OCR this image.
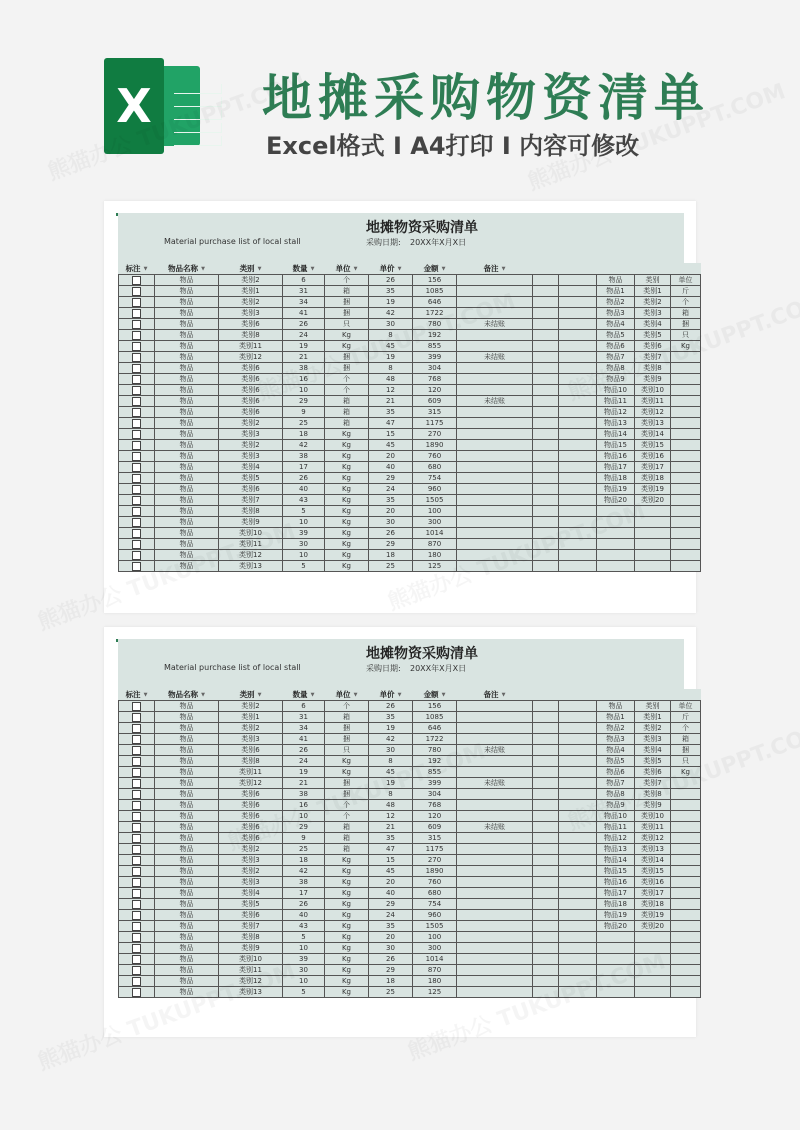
X 地摊采购物资清单
Excel格式 I A4打印 I 内容可修改
地摊物资采购清单
Material purchase list of local stall	采购日期: 20XX年X月X日
标注 ▼	物品名称 ▼	类别 ▼	数量 ▼	单位 ▼	单价 ▼	金额 ▼	备注 ▼						
	物品	类别2	6	个	26	156				物品	类别	单位	
	物品	类别1	31	箱	35	1085				物品1	类别1	斤	
	物品	类别2	34	捆	19	646				物品2	类别2	个	
	物品	类别3	41	捆	42	1722				物品3	类别3	箱	
	物品	类别6	26	只	30	780	未结账			物品4	类别4	捆	
	物品	类别8	24	Kg	8	192				物品5	类别5	只	
	物品	类别11	19	Kg	45	855				物品6	类别6	Kg	
	物品	类别12	21	捆	19	399	未结账			物品7	类别7		
	物品	类别6	38	捆	8	304				物品8	类别8		
	物品	类别6	16	个	48	768				物品9	类别9		
	物品	类别6	10	个	12	120				物品10	类别10		
	物品	类别6	29	箱	21	609	未结账			物品11	类别11		
	物品	类别6	9	箱	35	315				物品12	类别12		
	物品	类别2	25	箱	47	1175				物品13	类别13		
	物品	类别3	18	Kg	15	270				物品14	类别14		
	物品	类别2	42	Kg	45	1890				物品15	类别15		
	物品	类别3	38	Kg	20	760				物品16	类别16		
	物品	类别4	17	Kg	40	680				物品17	类别17		
	物品	类别5	26	Kg	29	754				物品18	类别18		
	物品	类别6	40	Kg	24	960				物品19	类别19		
	物品	类别7	43	Kg	35	1505				物品20	类别20		
	物品	类别8	5	Kg	20	100							
	物品	类别9	10	Kg	30	300							
	物品	类别10	39	Kg	26	1014							
	物品	类别11	30	Kg	29	870							
	物品	类别12	10	Kg	18	180							
	物品	类别13	5	Kg	25	125							
地摊物资采购清单
Material purchase list of local stall	采购日期: 20XX年X月X日
标注 ▼	物品名称 ▼	类别 ▼	数量 ▼	单位 ▼	单价 ▼	金额 ▼	备注 ▼						
	物品	类别2	6	个	26	156				物品	类别	单位	
	物品	类别1	31	箱	35	1085				物品1	类别1	斤	
	物品	类别2	34	捆	19	646				物品2	类别2	个	
	物品	类别3	41	捆	42	1722				物品3	类别3	箱	
	物品	类别6	26	只	30	780	未结账			物品4	类别4	捆	
	物品	类别8	24	Kg	8	192				物品5	类别5	只	
	物品	类别11	19	Kg	45	855				物品6	类别6	Kg	
	物品	类别12	21	捆	19	399	未结账			物品7	类别7		
	物品	类别6	38	捆	8	304				物品8	类别8		
	物品	类别6	16	个	48	768				物品9	类别9		
	物品	类别6	10	个	12	120				物品10	类别10		
	物品	类别6	29	箱	21	609	未结账			物品11	类别11		
	物品	类别6	9	箱	35	315				物品12	类别12		
	物品	类别2	25	箱	47	1175				物品13	类别13		
	物品	类别3	18	Kg	15	270				物品14	类别14		
	物品	类别2	42	Kg	45	1890				物品15	类别15		
	物品	类别3	38	Kg	20	760				物品16	类别16		
	物品	类别4	17	Kg	40	680				物品17	类别17		
	物品	类别5	26	Kg	29	754				物品18	类别18		
	物品	类别6	40	Kg	24	960				物品19	类别19		
	物品	类别7	43	Kg	35	1505				物品20	类别20		
	物品	类别8	5	Kg	20	100							
	物品	类别9	10	Kg	30	300							
	物品	类别10	39	Kg	26	1014							
	物品	类别11	30	Kg	29	870							
	物品	类别12	10	Kg	18	180							
	物品	类别13	5	Kg	25	125							
